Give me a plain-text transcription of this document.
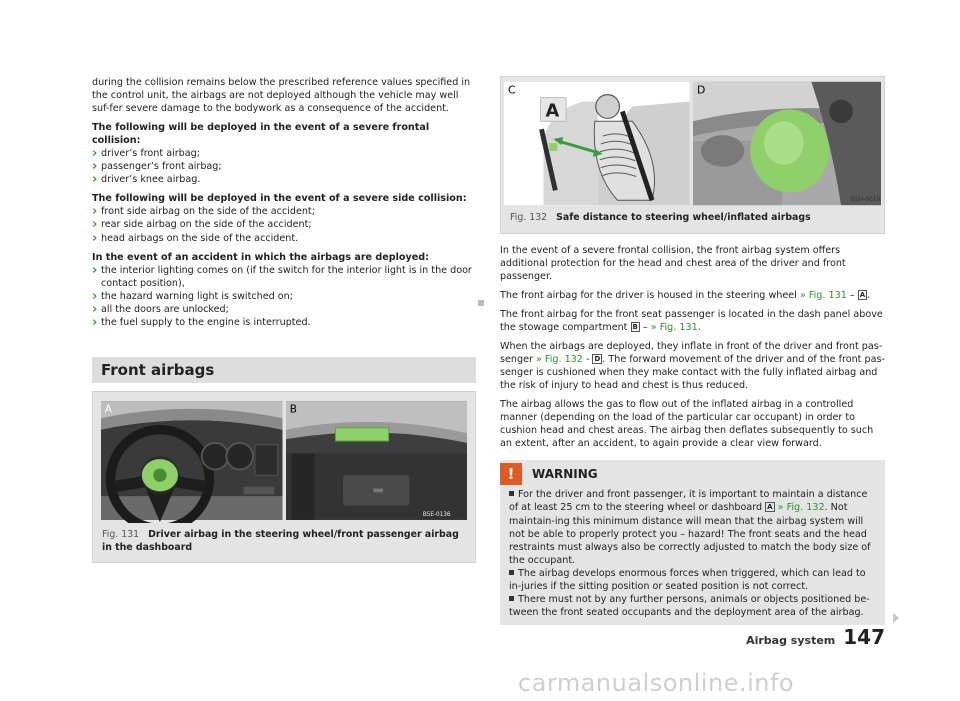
during the collision remains below the prescribed reference values specified in the control unit, the airbags are not deployed although the vehicle may well suf-fer severe damage to the bodywork as a consequence of the accident.

The following will be deployed in the event of a severe frontal collision:

› driver’s front airbag;
› passenger’s front airbag;
› driver’s knee airbag.

The following will be deployed in the event of a severe side collision:

› front side airbag on the side of the accident;
› rear side airbag on the side of the accident;
› head airbags on the side of the accident.

In the event of an accident in which the airbags are deployed:

› the interior lighting comes on (if the switch for the interior light is in the door contact position),
› the hazard warning light is switched on;
› all the doors are unlocked;
› the fuel supply to the engine is interrupted.
Front airbags
A	B
B5E-0136
Fig. 131 Driver airbag in the steering wheel/front passenger airbag in the dashboard
A
C	D
B5H-0019
Fig. 132 Safe distance to steering wheel/inflated airbags

In the event of a severe frontal collision, the front airbag system offers additional protection for the head and chest area of the driver and front passenger.

The front airbag for the driver is housed in the steering wheel » Fig. 131 – A .

The front airbag for the front seat passenger is located in the dash panel above the stowage compartment B – » Fig. 131.

When the airbags are deployed, they inflate in front of the driver and front pas-senger » Fig. 132 - D . The forward movement of the driver and of the front pas-senger is cushioned when they make contact with the fully inflated airbag and the risk of injury to head and chest is thus reduced.

The airbag allows the gas to flow out of the inflated airbag in a controlled manner (depending on the load of the particular car occupant) in order to cushion head and chest areas. The airbag then deflates subsequently to such an extent, after an accident, to again provide a clear view forward.

!	WARNING

For the driver and front passenger, it is important to maintain a distance of at least 25 cm to the steering wheel or dashboard A » Fig. 132. Not maintain-ing this minimum distance will mean that the airbag system will not be able to properly protect you – hazard! The front seats and the head restraints must always also be correctly adjusted to match the body size of the occupant.

The airbag develops enormous forces when triggered, which can lead to in-juries if the sitting position or seated position is not correct.

There must not by any further persons, animals or objects positioned be-tween the front seated occupants and the deployment area of the airbag.

Airbag system 147
carmanualsonline.info
